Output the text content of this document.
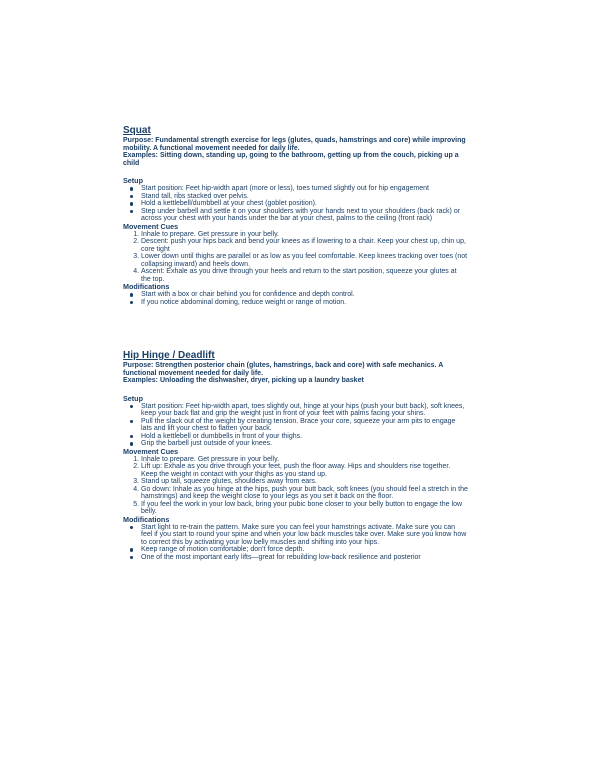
Squat
Purpose: Fundamental strength exercise for legs (glutes, quads, hamstrings and core) while improving mobility. A functional movement needed for daily life.
Examples: Sitting down, standing up, going to the bathroom, getting up from the couch, picking up a child
Setup
Start position: Feet hip-width apart (more or less), toes turned slightly out for hip engagement
Stand tall, ribs stacked over pelvis.
Hold a kettlebell/dumbbell at your chest (goblet position).
Step under barbell and settle it on your shoulders with your hands next to your shoulders (back rack) or across your chest with your hands under the bar at your chest, palms to the ceiling (front rack)
Movement Cues
1. Inhale to prepare. Get pressure in your belly.
2. Descent: push your hips back and bend your knees as if lowering to a chair. Keep your chest up, chin up, core tight
3. Lower down until thighs are parallel or as low as you feel comfortable. Keep knees tracking over toes (not collapsing inward) and heels down.
4. Ascent: Exhale as you drive through your heels and return to the start position, squeeze your glutes at the top.
Modifications
Start with a box or chair behind you for confidence and depth control.
If you notice abdominal doming, reduce weight or range of motion.
Hip Hinge / Deadlift
Purpose: Strengthen posterior chain (glutes, hamstrings, back and core) with safe mechanics. A functional movement needed for daily life.
Examples: Unloading the dishwasher, dryer, picking up a laundry basket
Setup
Start position: Feet hip-width apart, toes slightly out, hinge at your hips (push your butt back), soft knees, keep your back flat and grip the weight just in front of your feet with palms facing your shins.
Pull the slack out of the weight by creating tension. Brace your core, squeeze your arm pits to engage lats and lift your chest to flatten your back.
Hold a kettlebell or dumbbells in front of your thighs.
Grip the barbell just outside of your knees.
Movement Cues
1. Inhale to prepare. Get pressure in your belly.
2. Lift up: Exhale as you drive through your feet, push the floor away. Hips and shoulders rise together. Keep the weight in contact with your thighs as you stand up.
3. Stand up tall, squeeze glutes, shoulders away from ears.
4. Go down: Inhale as you hinge at the hips, push your butt back, soft knees (you should feel a stretch in the hamstrings) and keep the weight close to your legs as you set it back on the floor.
5. If you feel the work in your low back, bring your pubic bone closer to your belly button to engage the low belly.
Modifications
Start light to re-train the pattern. Make sure you can feel your hamstrings activate. Make sure you can feel if you start to round your spine and when your low back muscles take over. Make sure you know how to correct this by activating your low belly muscles and shifting into your hips.
Keep range of motion comfortable; don’t force depth.
One of the most important early lifts—great for rebuilding low-back resilience and posterior
